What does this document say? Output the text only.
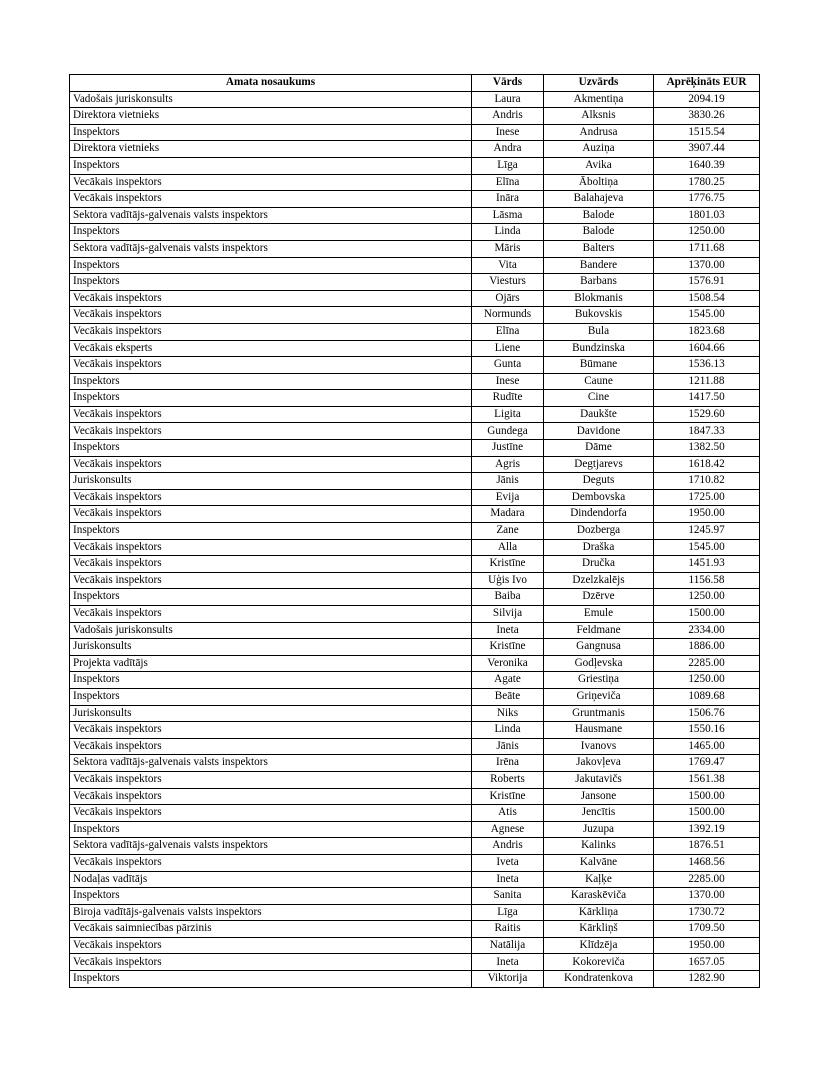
Amata nosaukums	Vārds	Uzvārds	Aprēķināts EUR
Vadošais juriskonsults	Laura	Akmentiņa	2094.19
Direktora vietnieks	Andris	Alksnis	3830.26
Inspektors	Inese	Andrusa	1515.54
Direktora vietnieks	Andra	Auziņa	3907.44
Inspektors	Līga	Avika	1640.39
Vecākais inspektors	Elīna	Āboltiņa	1780.25
Vecākais inspektors	Ināra	Balahajeva	1776.75
Sektora vadītājs-galvenais valsts inspektors	Lāsma	Balode	1801.03
Inspektors	Linda	Balode	1250.00
Sektora vadītājs-galvenais valsts inspektors	Māris	Balters	1711.68
Inspektors	Vita	Bandere	1370.00
Inspektors	Viesturs	Barbans	1576.91
Vecākais inspektors	Ojārs	Blokmanis	1508.54
Vecākais inspektors	Normunds	Bukovskis	1545.00
Vecākais inspektors	Elīna	Bula	1823.68
Vecākais eksperts	Liene	Bundzinska	1604.66
Vecākais inspektors	Gunta	Būmane	1536.13
Inspektors	Inese	Caune	1211.88
Inspektors	Rudīte	Cine	1417.50
Vecākais inspektors	Ligita	Daukšte	1529.60
Vecākais inspektors	Gundega	Davidone	1847.33
Inspektors	Justīne	Dāme	1382.50
Vecākais inspektors	Agris	Degtjarevs	1618.42
Juriskonsults	Jānis	Deguts	1710.82
Vecākais inspektors	Evija	Dembovska	1725.00
Vecākais inspektors	Madara	Dindendorfa	1950.00
Inspektors	Zane	Dozberga	1245.97
Vecākais inspektors	Alla	Draška	1545.00
Vecākais inspektors	Kristīne	Dručka	1451.93
Vecākais inspektors	Uģis Ivo	Dzelzkalējs	1156.58
Inspektors	Baiba	Dzērve	1250.00
Vecākais inspektors	Silvija	Emule	1500.00
Vadošais juriskonsults	Ineta	Feldmane	2334.00
Juriskonsults	Kristīne	Gangnusa	1886.00
Projekta vadītājs	Veronika	Godļevska	2285.00
Inspektors	Agate	Griestiņa	1250.00
Inspektors	Beāte	Griņeviča	1089.68
Juriskonsults	Niks	Gruntmanis	1506.76
Vecākais inspektors	Linda	Hausmane	1550.16
Vecākais inspektors	Jānis	Ivanovs	1465.00
Sektora vadītājs-galvenais valsts inspektors	Irēna	Jakovļeva	1769.47
Vecākais inspektors	Roberts	Jakutavičs	1561.38
Vecākais inspektors	Kristīne	Jansone	1500.00
Vecākais inspektors	Atis	Jencītis	1500.00
Inspektors	Agnese	Juzupa	1392.19
Sektora vadītājs-galvenais valsts inspektors	Andris	Kalinks	1876.51
Vecākais inspektors	Iveta	Kalvāne	1468.56
Nodaļas vadītājs	Ineta	Kaļķe	2285.00
Inspektors	Sanita	Karaskēviča	1370.00
Biroja vadītājs-galvenais valsts inspektors	Līga	Kārkliņa	1730.72
Vecākais saimniecības pārzinis	Raitis	Kārkliņš	1709.50
Vecākais inspektors	Natālija	Klīdzēja	1950.00
Vecākais inspektors	Ineta	Kokoreviča	1657.05
Inspektors	Viktorija	Kondratenkova	1282.90
